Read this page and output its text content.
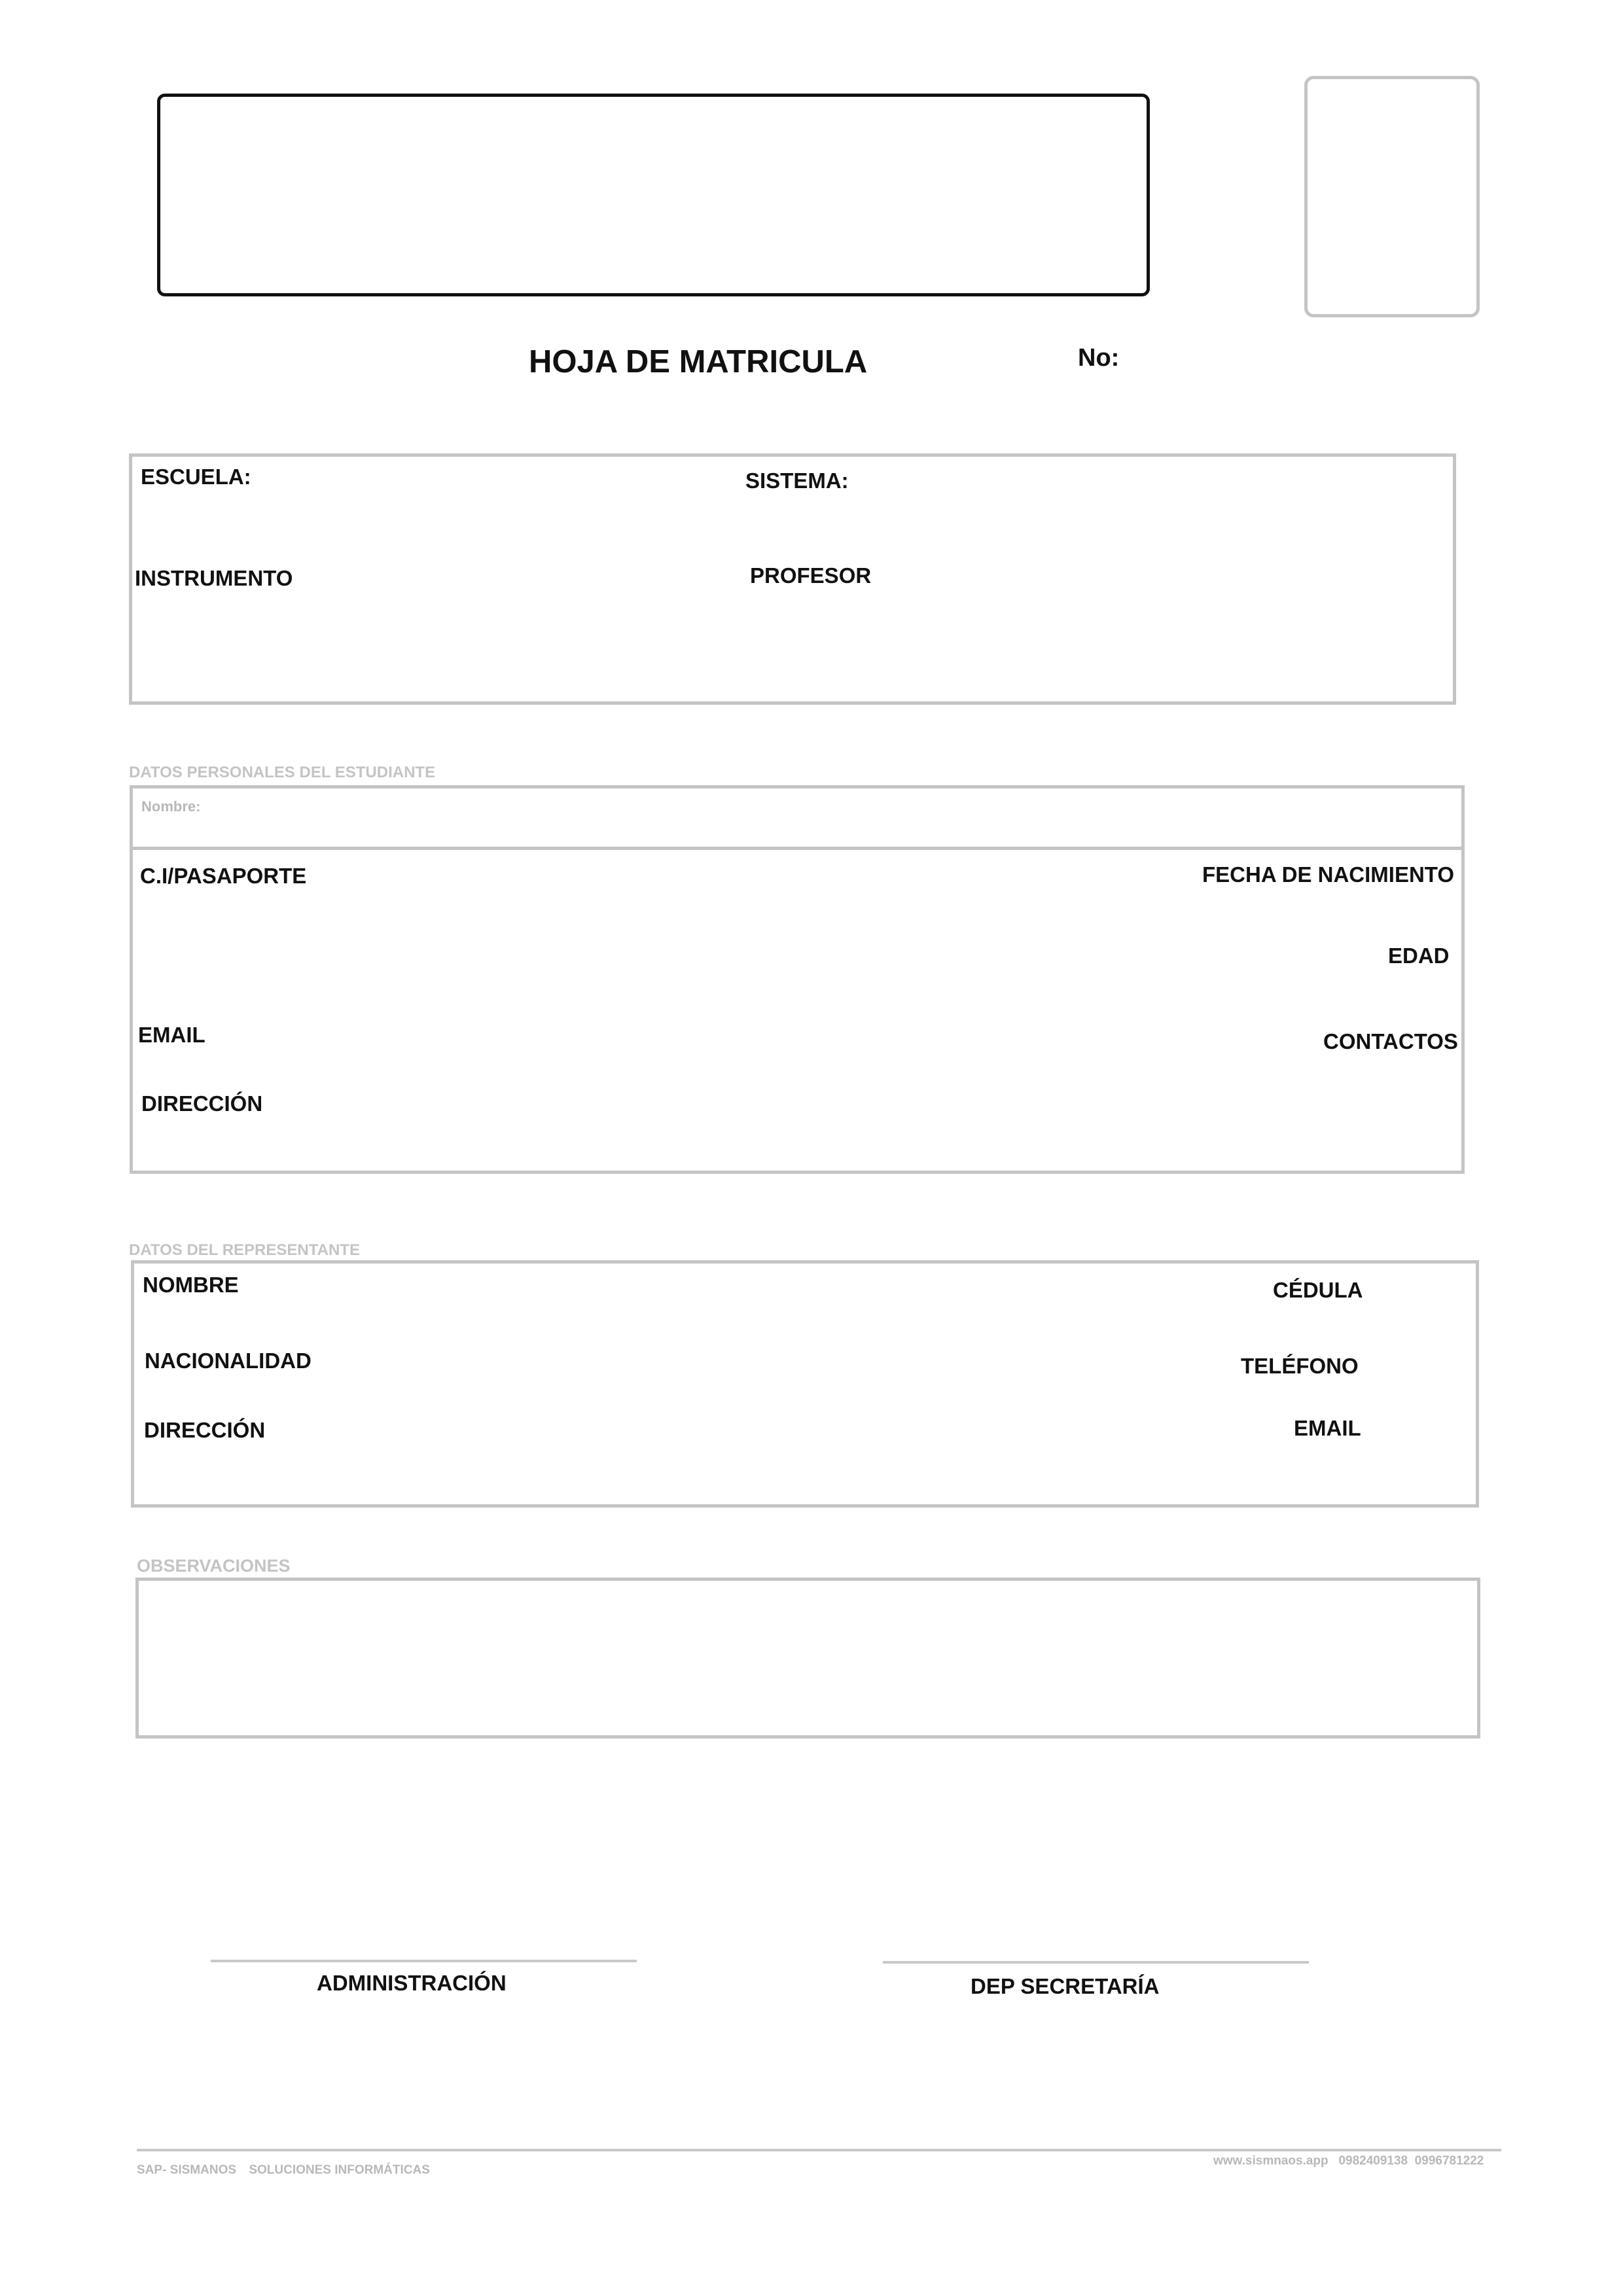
HOJA DE MATRICULA	No:
ESCUELA:	SISTEMA:
INSTRUMENTO	PROFESOR
DATOS PERSONALES DEL ESTUDIANTE
Nombre:
C.I/PASAPORTE	FECHA DE NACIMIENTO
EDAD
EMAIL	CONTACTOS
DIRECCIÓN
DATOS DEL REPRESENTANTE
NOMBRE	CÉDULA
NACIONALIDAD	TELÉFONO
DIRECCIÓN	EMAIL
OBSERVACIONES
ADMINISTRACIÓN	DEP SECRETARÍA
SAP- SISMANOS SOLUCIONES INFORMÁTICAS
www.sismnaos.app   0982409138  0996781222
